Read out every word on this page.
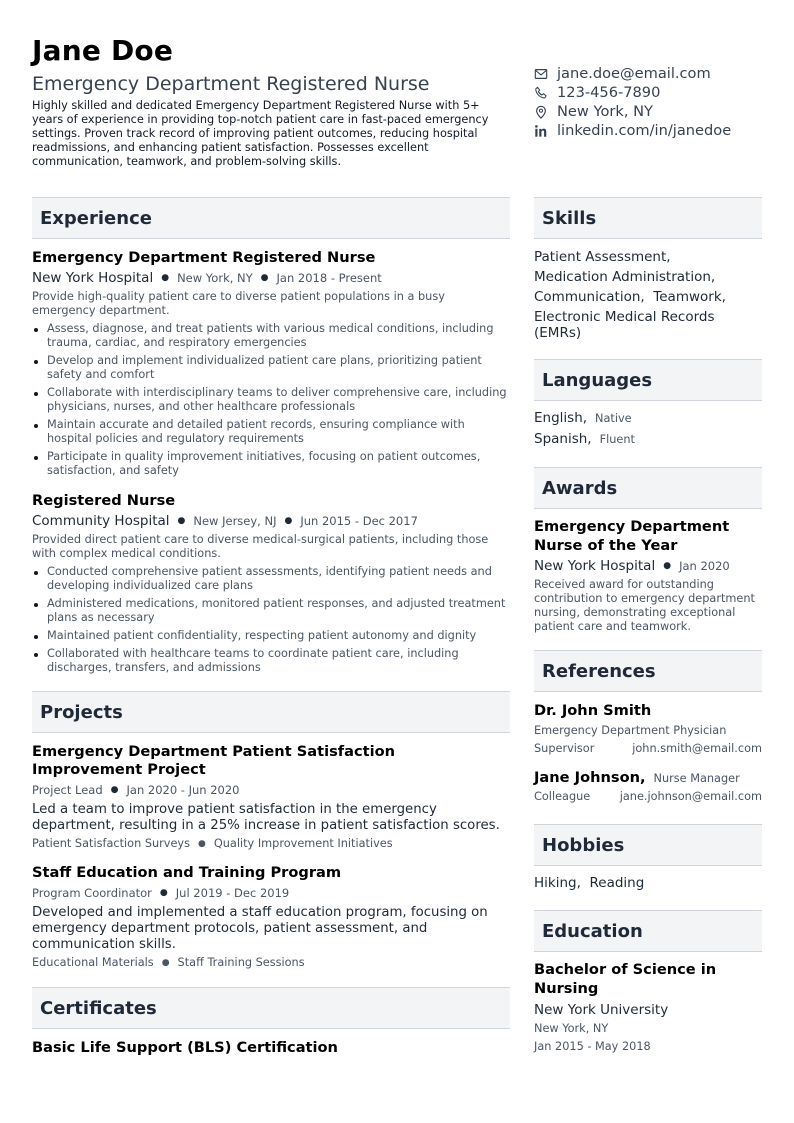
Jane Doe
Emergency Department Registered Nurse
Highly skilled and dedicated Emergency Department Registered Nurse with 5+ years of experience in providing top-notch patient care in fast-paced emergency settings. Proven track record of improving patient outcomes, reducing hospital readmissions, and enhancing patient satisfaction. Possesses excellent communication, teamwork, and problem-solving skills.
jane.doe@email.com
123-456-7890
New York, NY
linkedin.com/in/janedoe
Experience
Emergency Department Registered Nurse
New York Hospital ● New York, NY ● Jan 2018 - Present
Provide high-quality patient care to diverse patient populations in a busy emergency department.
Assess, diagnose, and treat patients with various medical conditions, including trauma, cardiac, and respiratory emergencies
Develop and implement individualized patient care plans, prioritizing patient safety and comfort
Collaborate with interdisciplinary teams to deliver comprehensive care, including physicians, nurses, and other healthcare professionals
Maintain accurate and detailed patient records, ensuring compliance with hospital policies and regulatory requirements
Participate in quality improvement initiatives, focusing on patient outcomes, satisfaction, and safety
Registered Nurse
Community Hospital ● New Jersey, NJ ● Jun 2015 - Dec 2017
Provided direct patient care to diverse medical-surgical patients, including those with complex medical conditions.
Conducted comprehensive patient assessments, identifying patient needs and developing individualized care plans
Administered medications, monitored patient responses, and adjusted treatment plans as necessary
Maintained patient confidentiality, respecting patient autonomy and dignity
Collaborated with healthcare teams to coordinate patient care, including discharges, transfers, and admissions
Projects
Emergency Department Patient Satisfaction Improvement Project
Project Lead ● Jan 2020 - Jun 2020
Led a team to improve patient satisfaction in the emergency department, resulting in a 25% increase in patient satisfaction scores.
Patient Satisfaction Surveys ● Quality Improvement Initiatives
Staff Education and Training Program
Program Coordinator ● Jul 2019 - Dec 2019
Developed and implemented a staff education program, focusing on emergency department protocols, patient assessment, and communication skills.
Educational Materials ● Staff Training Sessions
Certificates
Basic Life Support (BLS) Certification
Skills
Patient Assessment,
Medication Administration,
Communication, Teamwork,
Electronic Medical Records (EMRs)
Languages
English, Native
Spanish, Fluent
Awards
Emergency Department Nurse of the Year
New York Hospital ● Jan 2020
Received award for outstanding contribution to emergency department nursing, demonstrating exceptional patient care and teamwork.
References
Dr. John Smith
Emergency Department Physician
Supervisor	john.smith@email.com
Jane Johnson, Nurse Manager
Colleague	jane.johnson@email.com
Hobbies
Hiking, Reading
Education
Bachelor of Science in Nursing
New York University
New York, NY
Jan 2015 - May 2018
